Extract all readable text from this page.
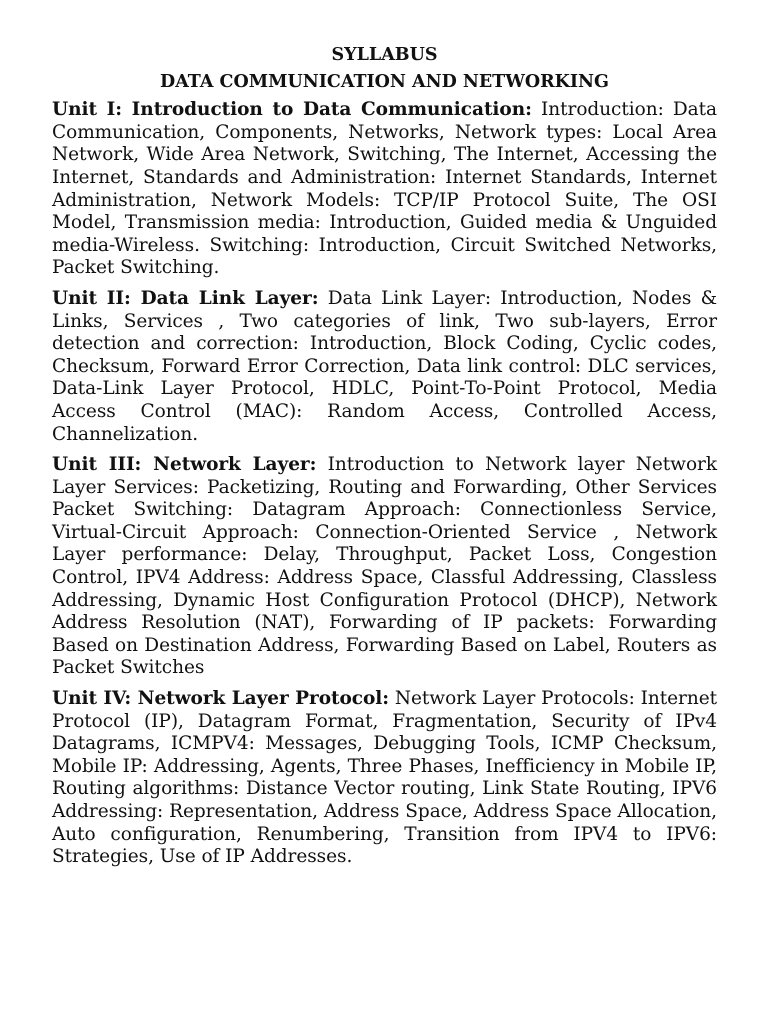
SYLLABUS

DATA COMMUNICATION AND NETWORKING

Unit I: Introduction to Data Communication: Introduction: Data Communication, Components, Networks, Network types: Local Area Network, Wide Area Network, Switching, The Internet, Accessing the Internet, Standards and Administration: Internet Standards, Internet Administration, Network Models: TCP/IP Protocol Suite, The OSI Model, Transmission media: Introduction, Guided media & Unguided media-Wireless. Switching: Introduction, Circuit Switched Networks, Packet Switching.

Unit II: Data Link Layer: Data Link Layer: Introduction, Nodes & Links, Services , Two categories of link, Two sub-layers, Error detection and correction: Introduction, Block Coding, Cyclic codes, Checksum, Forward Error Correction, Data link control: DLC services, Data-Link Layer Protocol, HDLC, Point-To-Point Protocol, Media Access Control (MAC): Random Access, Controlled Access, Channelization.

Unit III: Network Layer: Introduction to Network layer Network Layer Services: Packetizing, Routing and Forwarding, Other Services Packet Switching: Datagram Approach: Connectionless Service, Virtual-Circuit Approach: Connection-Oriented Service , Network Layer performance: Delay, Throughput, Packet Loss, Congestion Control, IPV4 Address: Address Space, Classful Addressing, Classless Addressing, Dynamic Host Configuration Protocol (DHCP), Network Address Resolution (NAT), Forwarding of IP packets: Forwarding Based on Destination Address, Forwarding Based on Label, Routers as Packet Switches

Unit IV: Network Layer Protocol: Network Layer Protocols: Internet Protocol (IP), Datagram Format, Fragmentation, Security of IPv4 Datagrams, ICMPV4: Messages, Debugging Tools, ICMP Checksum, Mobile IP: Addressing, Agents, Three Phases, Inefficiency in Mobile IP, Routing algorithms: Distance Vector routing, Link State Routing, IPV6 Addressing: Representation, Address Space, Address Space Allocation, Auto configuration, Renumbering, Transition from IPV4 to IPV6: Strategies, Use of IP Addresses.
